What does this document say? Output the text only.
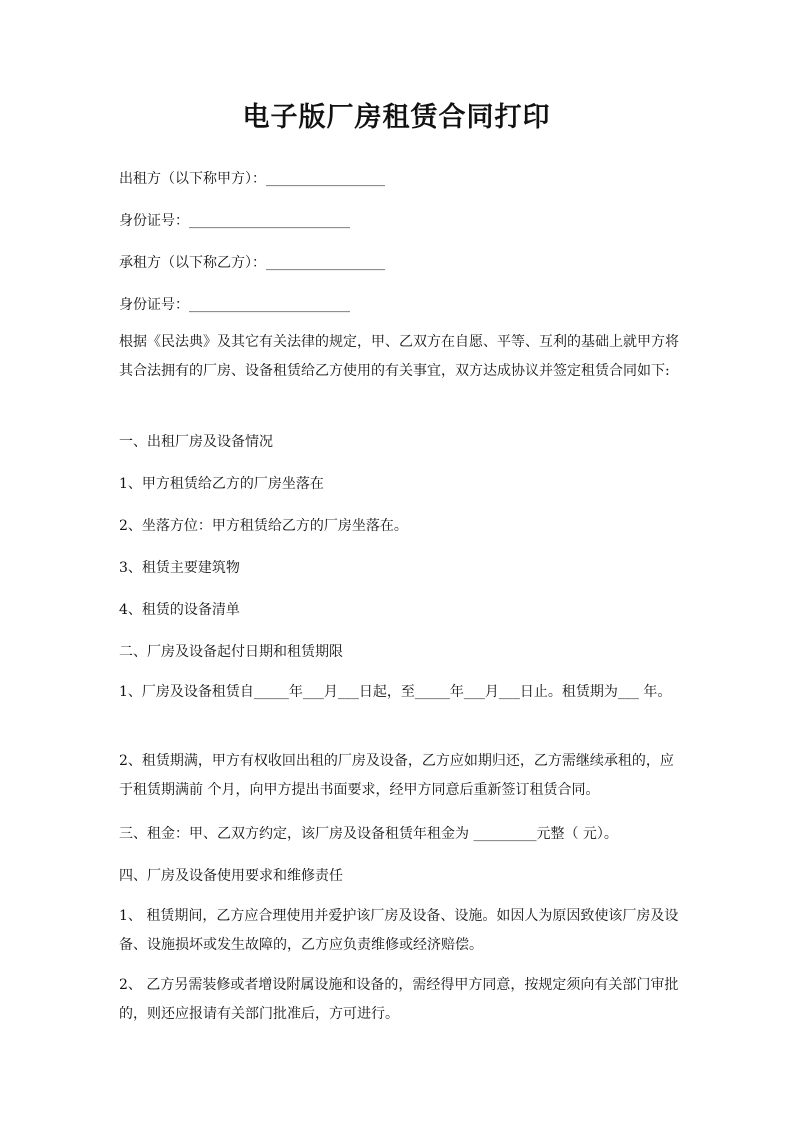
电子版厂房租赁合同打印
出租方（以下称甲方）：_________________
身份证号：_______________________
承租方（以下称乙方）：_________________
身份证号：_______________________
根据《民法典》及其它有关法律的规定，甲、乙双方在自愿、平等、互利的基础上就甲方将其合法拥有的厂房、设备租赁给乙方使用的有关事宜，双方达成协议并签定租赁合同如下:
一、出租厂房及设备情况
1、甲方租赁给乙方的厂房坐落在
2、坐落方位：甲方租赁给乙方的厂房坐落在。
3、租赁主要建筑物
4、租赁的设备清单
二、厂房及设备起付日期和租赁期限
1、厂房及设备租赁自_____年___月___日起，至_____年___月___日止。租赁期为___ 年。
2、租赁期满，甲方有权收回出租的厂房及设备，乙方应如期归还，乙方需继续承租的，应于租赁期满前 个月，向甲方提出书面要求，经甲方同意后重新签订租赁合同。
三、租金：甲、乙双方约定，该厂房及设备租赁年租金为 _________元整（ 元）。
四、厂房及设备使用要求和维修责任
1、 租赁期间，乙方应合理使用并爱护该厂房及设备、设施。如因人为原因致使该厂房及设备、设施损坏或发生故障的，乙方应负责维修或经济赔偿。
2、 乙方另需装修或者增设附属设施和设备的，需经得甲方同意，按规定须向有关部门审批的，则还应报请有关部门批准后，方可进行。
